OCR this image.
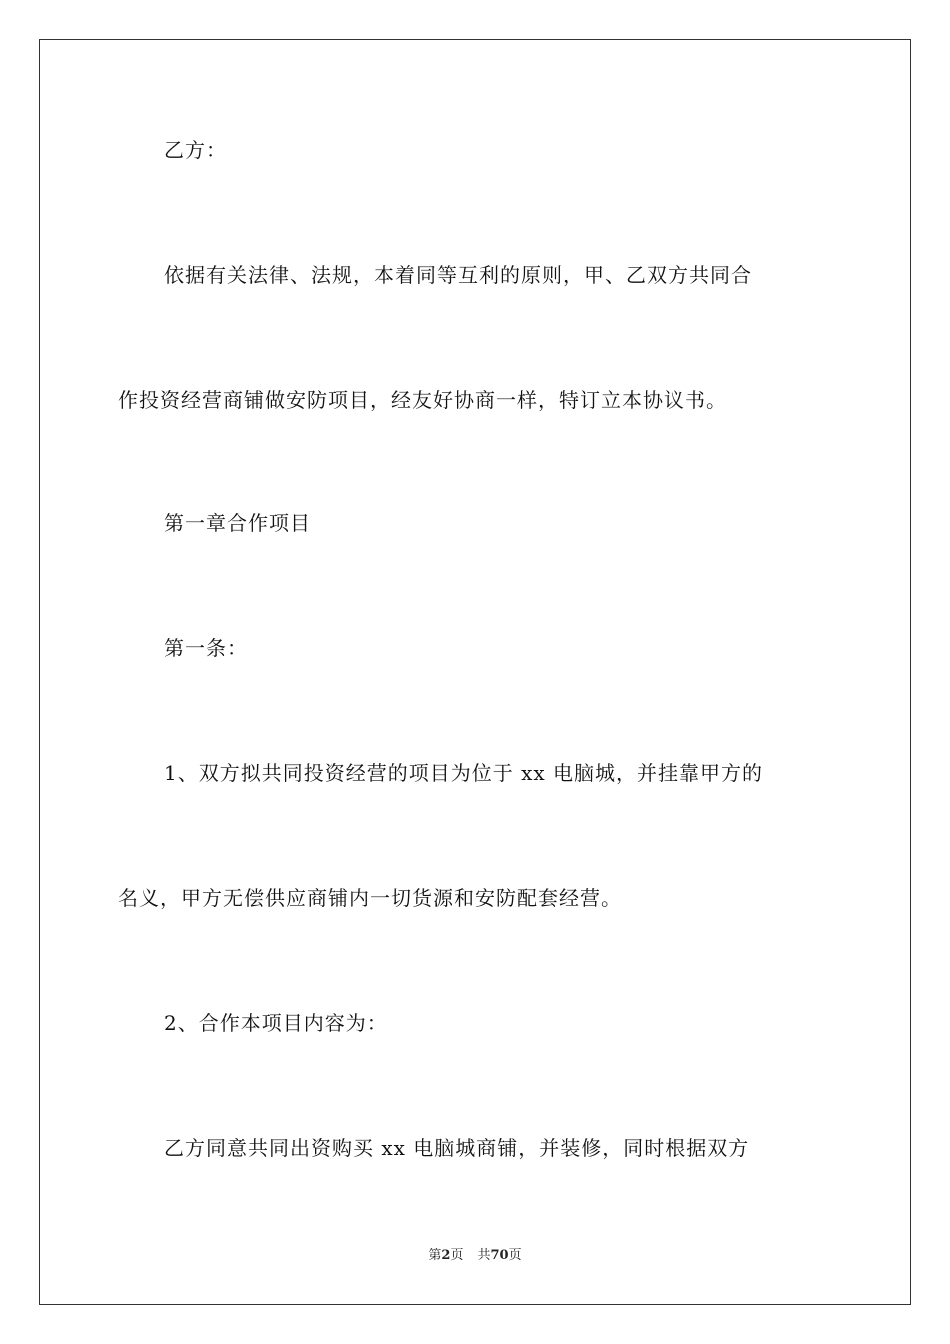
乙方：
依据有关法律、法规，本着同等互利的原则，甲、乙双方共同合
作投资经营商铺做安防项目，经友好协商一样，特订立本协议书。
第一章合作项目
第一条：
1、双方拟共同投资经营的项目为位于 xx 电脑城，并挂靠甲方的
名义，甲方无偿供应商铺内一切货源和安防配套经营。
2、合作本项目内容为：
乙方同意共同出资购买 xx 电脑城商铺，并装修，同时根据双方
第2页 共70页
